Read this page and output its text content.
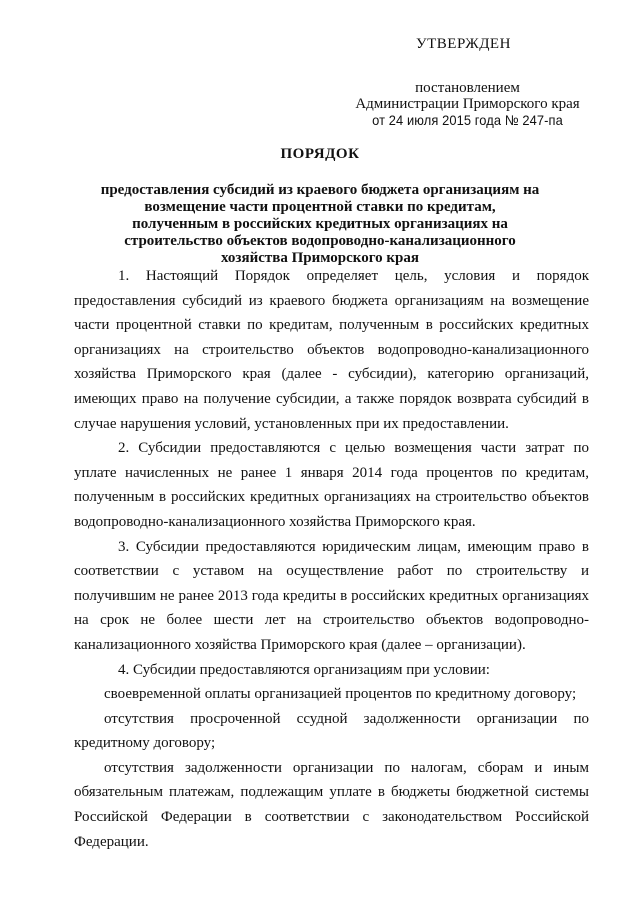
УТВЕРЖДЕН
постановлением
Администрации Приморского края
от 24 июля 2015 года № 247-па
ПОРЯДОК
предоставления субсидий из краевого бюджета организациям на возмещение части процентной ставки по кредитам, полученным в российских кредитных организациях на строительство объектов водопроводно-канализационного хозяйства Приморского края

1. Настоящий Порядок определяет цель, условия и порядок предоставления субсидий из краевого бюджета организациям на возмещение части процентной ставки по кредитам, полученным в российских кредитных организациях на строительство объектов водопроводно-канализационного хозяйства Приморского края (далее - субсидии), категорию организаций, имеющих право на получение субсидии, а также порядок возврата субсидий в случае нарушения условий, установленных при их предоставлении.

2. Субсидии предоставляются с целью возмещения части затрат по уплате начисленных не ранее 1 января 2014 года процентов по кредитам, полученным в российских кредитных организациях на строительство объектов водопроводно-канализационного хозяйства Приморского края.

3. Субсидии предоставляются юридическим лицам, имеющим право в соответствии с уставом на осуществление работ по строительству и получившим не ранее 2013 года кредиты в российских кредитных организациях на срок не более шести лет на строительство объектов водопроводно-канализационного хозяйства Приморского края (далее – организации).

4. Субсидии предоставляются организациям при условии:

своевременной оплаты организацией процентов по кредитному договору;

отсутствия просроченной ссудной задолженности организации по кредитному договору;

отсутствия задолженности организации по налогам, сборам и иным обязательным платежам, подлежащим уплате в бюджеты бюджетной системы Российской Федерации в соответствии с законодательством Российской Федерации.
